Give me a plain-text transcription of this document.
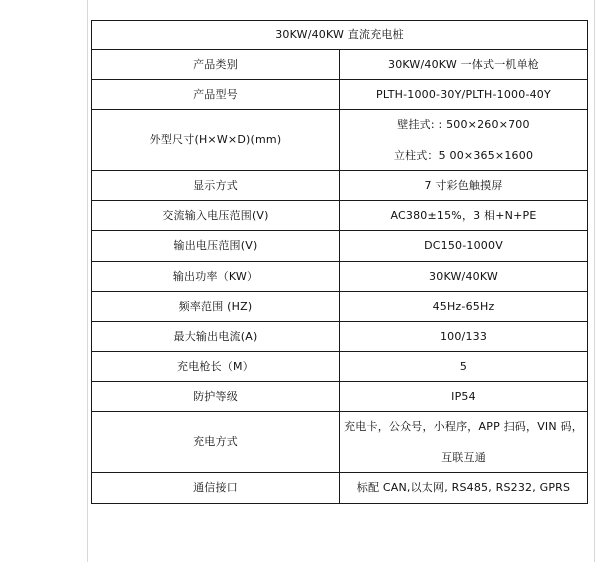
30KW/40KW 直流充电桩	
产品类别	30KW/40KW 一体式一机单枪
产品型号	PLTH-1000-30Y/PLTH-1000-40Y
外型尺寸(H×W×D)(mm)	壁挂式: : 500×260×700
立柱式：5 00×365×1600

显示方式	7 寸彩色触摸屏
交流输入电压范围(V)	AC380±15%，3 相+N+PE
输出电压范围(V)	DC150-1000V
输出功率（KW）	30KW/40KW
频率范围 (HZ)	45Hz-65Hz
最大输出电流(A)	100/133
充电枪长（M）	5
防护等级	IP54
充电方式	充电卡，公众号，小程序，APP 扫码，VIN 码，
互联互通

通信接口	标配 CAN,以太网, RS485, RS232, GPRS
